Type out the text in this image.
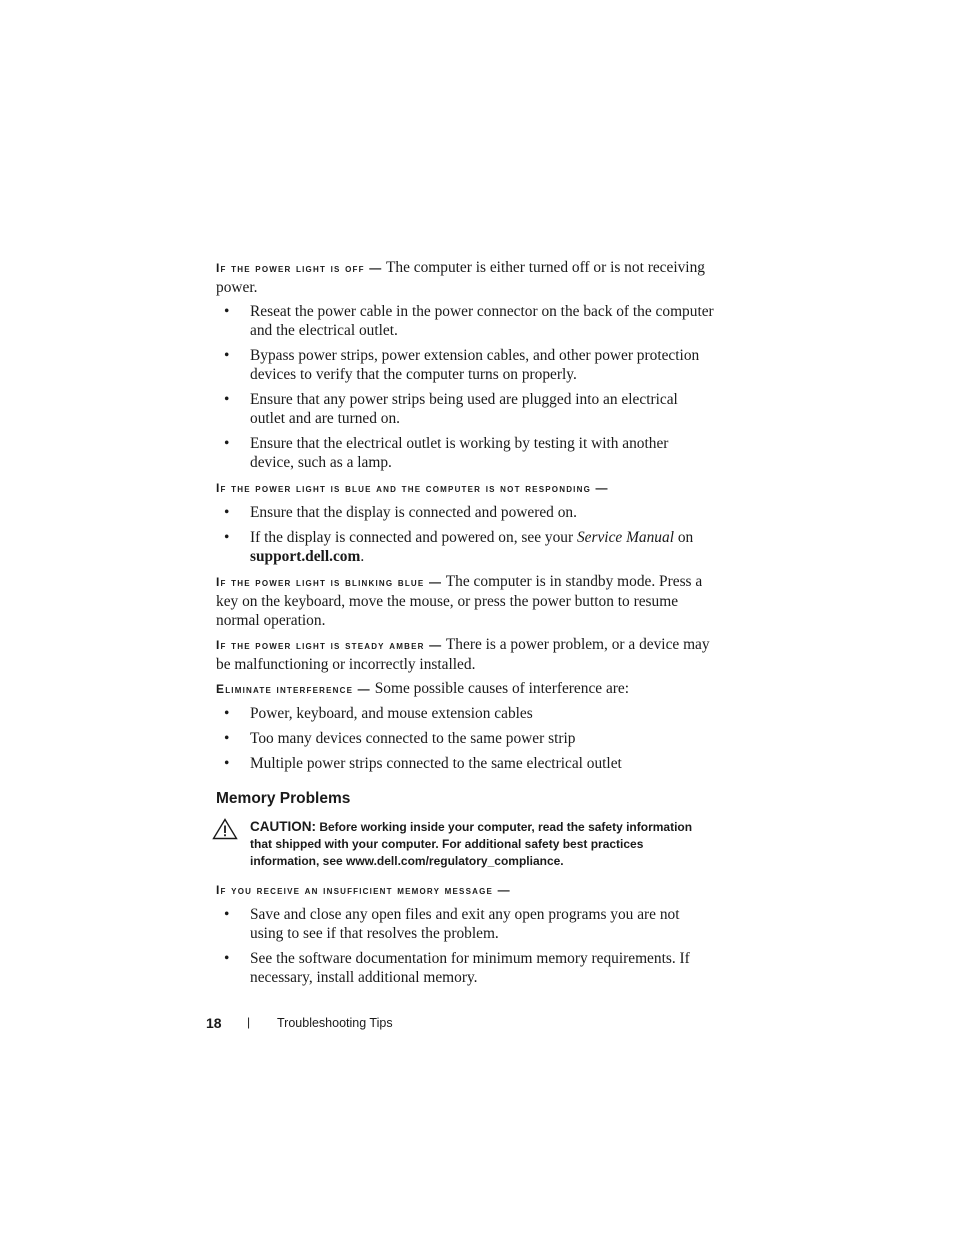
If the power light is off — The computer is either turned off or is not receiving power.

• Reseat the power cable in the power connector on the back of the computer and the electrical outlet.
• Bypass power strips, power extension cables, and other power protection devices to verify that the computer turns on properly.
• Ensure that any power strips being used are plugged into an electrical outlet and are turned on.
• Ensure that the electrical outlet is working by testing it with another device, such as a lamp.

If the power light is blue and the computer is not responding —

• Ensure that the display is connected and powered on.
• If the display is connected and powered on, see your Service Manual on support.dell.com.

If the power light is blinking blue — The computer is in standby mode. Press a key on the keyboard, move the mouse, or press the power button to resume normal operation.

If the power light is steady amber — There is a power problem, or a device may be malfunctioning or incorrectly installed.

Eliminate interference — Some possible causes of interference are:

• Power, keyboard, and mouse extension cables
• Too many devices connected to the same power strip
• Multiple power strips connected to the same electrical outlet
Memory Problems
CAUTION: Before working inside your computer, read the safety information that shipped with your computer. For additional safety best practices information, see www.dell.com/regulatory_compliance.

If you receive an insufficient memory message —

• Save and close any open files and exit any open programs you are not using to see if that resolves the problem.
• See the software documentation for minimum memory requirements. If necessary, install additional memory.
18 | Troubleshooting Tips
